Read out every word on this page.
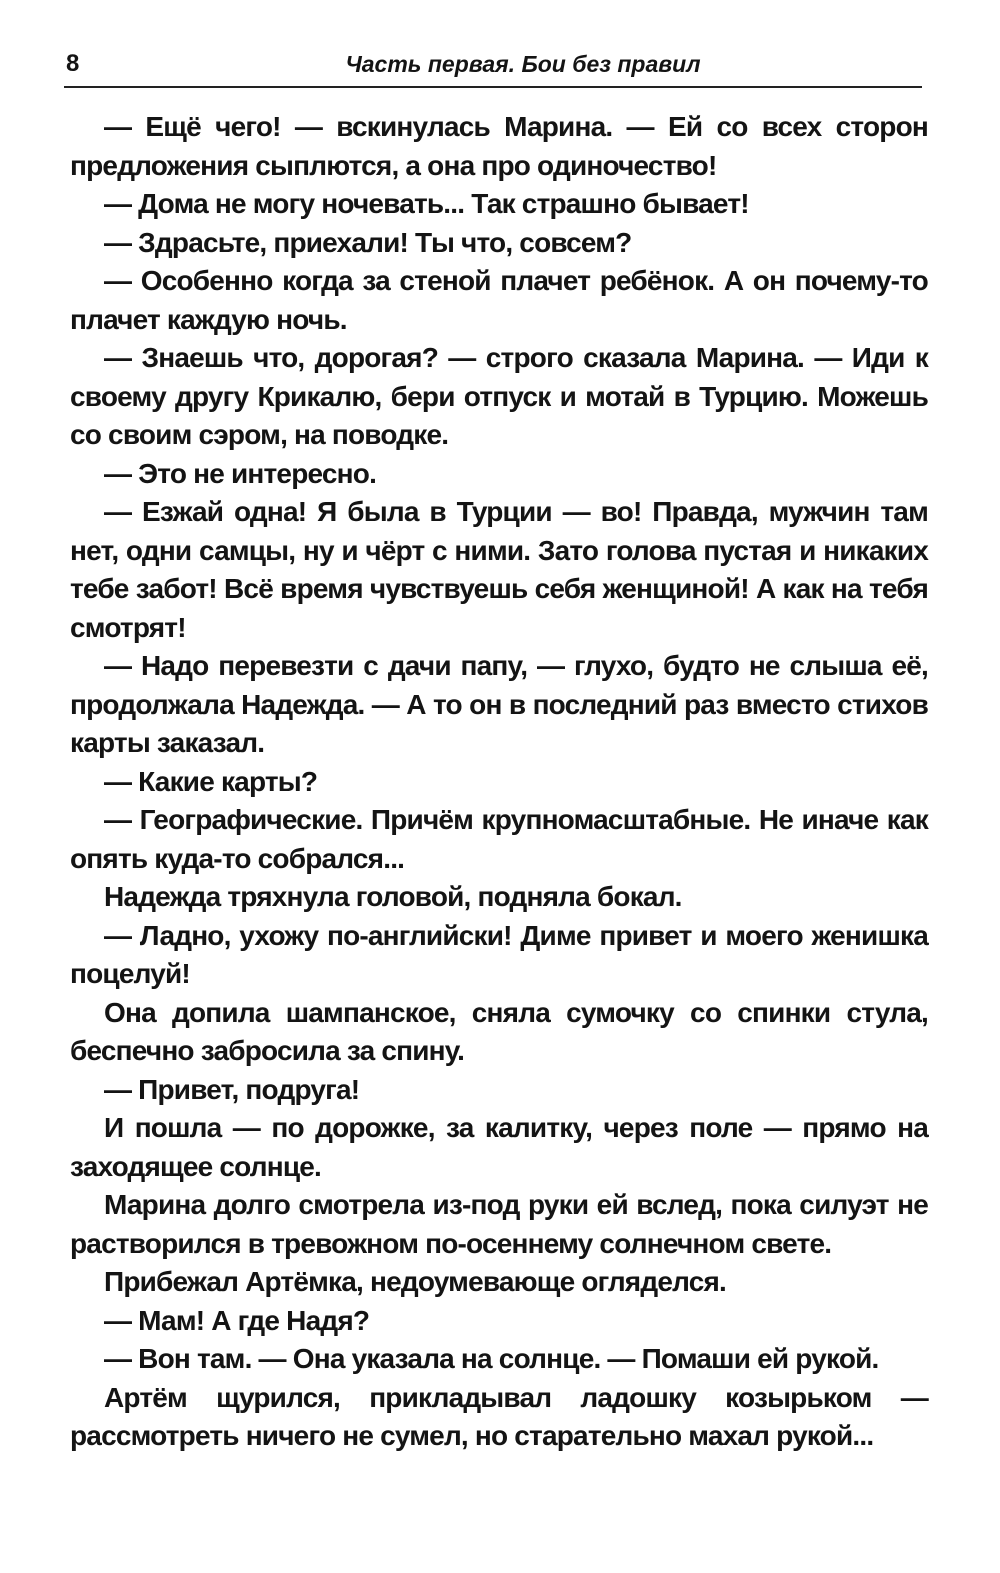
8	Часть первая. Бои без правил

— Ещё чего! — вскинулась Марина. — Ей со всех сторон предложения сыплются, а она про одиночество!

— Дома не могу ночевать... Так страшно бывает!

— Здрасьте, приехали! Ты что, совсем?

— Особенно когда за стеной плачет ребёнок. А он почему-то плачет каждую ночь.

— Знаешь что, дорогая? — строго сказала Марина. — Иди к своему другу Крикалю, бери отпуск и мотай в Турцию. Можешь со своим сэром, на поводке.

— Это не интересно.

— Езжай одна! Я была в Турции — во! Правда, мужчин там нет, одни самцы, ну и чёрт с ними. Зато голова пустая и никаких тебе забот! Всё время чувствуешь себя женщиной! А как на тебя смотрят!

— Надо перевезти с дачи папу, — глухо, будто не слыша её, продолжала Надежда. — А то он в последний раз вместо стихов карты заказал.

— Какие карты?

— Географические. Причём крупномасштабные. Не иначе как опять куда-то собрался...

Надежда тряхнула головой, подняла бокал.

— Ладно, ухожу по-английски! Диме привет и моего женишка поцелуй!

Она допила шампанское, сняла сумочку со спинки стула, беспечно забросила за спину.

— Привет, подруга!

И пошла — по дорожке, за калитку, через поле — прямо на заходящее солнце.

Марина долго смотрела из-под руки ей вслед, пока силуэт не растворился в тревожном по-осеннему солнечном свете.

Прибежал Артёмка, недоумевающе огляделся.

— Мам! А где Надя?

— Вон там. — Она указала на солнце. — Помаши ей рукой.

Артём щурился, прикладывал ладошку козырьком — рассмотреть ничего не сумел, но старательно махал рукой...
